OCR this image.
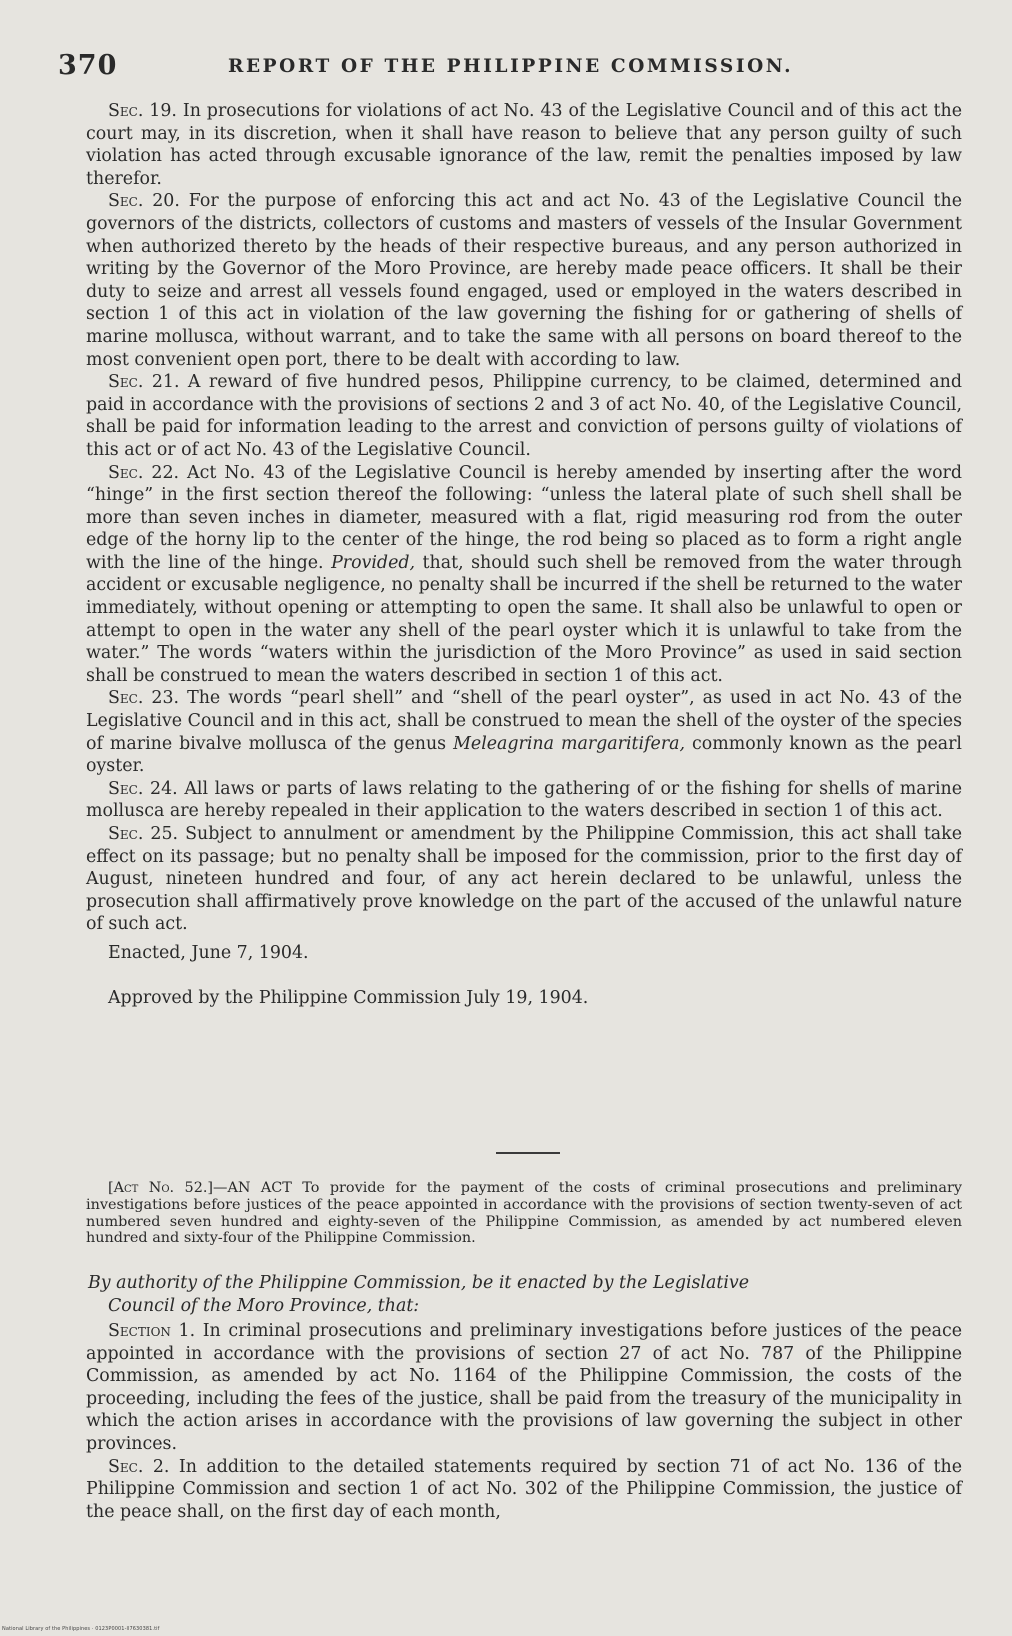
370	REPORT OF THE PHILIPPINE COMMISSION.

Sec. 19. In prosecutions for violations of act No. 43 of the Legislative Council and of this act the court may, in its discretion, when it shall have reason to believe that any person guilty of such violation has acted through excusable ignorance of the law, remit the penalties imposed by law therefor.

Sec. 20. For the purpose of enforcing this act and act No. 43 of the Legislative Council the governors of the districts, collectors of customs and masters of vessels of the Insular Government when authorized thereto by the heads of their respective bureaus, and any person authorized in writing by the Governor of the Moro Province, are hereby made peace officers. It shall be their duty to seize and arrest all vessels found engaged, used or employed in the waters described in section 1 of this act in violation of the law governing the fishing for or gathering of shells of marine mollusca, without warrant, and to take the same with all persons on board thereof to the most convenient open port, there to be dealt with according to law.

Sec. 21. A reward of five hundred pesos, Philippine currency, to be claimed, determined and paid in accordance with the provisions of sections 2 and 3 of act No. 40, of the Legislative Council, shall be paid for information leading to the arrest and conviction of persons guilty of violations of this act or of act No. 43 of the Legislative Council.

Sec. 22. Act No. 43 of the Legislative Council is hereby amended by inserting after the word “hinge” in the first section thereof the following: “unless the lateral plate of such shell shall be more than seven inches in diameter, measured with a flat, rigid measuring rod from the outer edge of the horny lip to the center of the hinge, the rod being so placed as to form a right angle with the line of the hinge. Provided, that, should such shell be removed from the water through accident or excusable negligence, no penalty shall be incurred if the shell be returned to the water immediately, without opening or attempting to open the same. It shall also be unlawful to open or attempt to open in the water any shell of the pearl oyster which it is unlawful to take from the water.” The words “waters within the jurisdiction of the Moro Province” as used in said section shall be construed to mean the waters described in section 1 of this act.

Sec. 23. The words “pearl shell” and “shell of the pearl oyster”, as used in act No. 43 of the Legislative Council and in this act, shall be construed to mean the shell of the oyster of the species of marine bivalve mollusca of the genus Meleagrina margaritifera, commonly known as the pearl oyster.

Sec. 24. All laws or parts of laws relating to the gathering of or the fishing for shells of marine mollusca are hereby repealed in their application to the waters described in section 1 of this act.

Sec. 25. Subject to annulment or amendment by the Philippine Commission, this act shall take effect on its passage; but no penalty shall be imposed for the commission, prior to the first day of August, nineteen hundred and four, of any act herein declared to be unlawful, unless the prosecution shall affirmatively prove knowledge on the part of the accused of the unlawful nature of such act.

Enacted, June 7, 1904.

Approved by the Philippine Commission July 19, 1904.

[Act No. 52.]—AN ACT To provide for the payment of the costs of criminal prosecutions and preliminary investigations before justices of the peace appointed in accordance with the provisions of section twenty-seven of act numbered seven hundred and eighty-seven of the Philippine Commission, as amended by act numbered eleven hundred and sixty-four of the Philippine Commission.
By authority of the Philippine Commission, be it enacted by the Legislative
Council of the Moro Province, that:

Section 1. In criminal prosecutions and preliminary investigations before justices of the peace appointed in accordance with the provisions of section 27 of act No. 787 of the Philippine Commission, as amended by act No. 1164 of the Philippine Commission, the costs of the proceeding, including the fees of the justice, shall be paid from the treasury of the municipality in which the action arises in accordance with the provisions of law governing the subject in other provinces.

Sec. 2. In addition to the detailed statements required by section 71 of act No. 136 of the Philippine Commission and section 1 of act No. 302 of the Philippine Commission, the justice of the peace shall, on the first day of each month,

National Library of the Philippines · 0123P0001-ll7630381.tif
